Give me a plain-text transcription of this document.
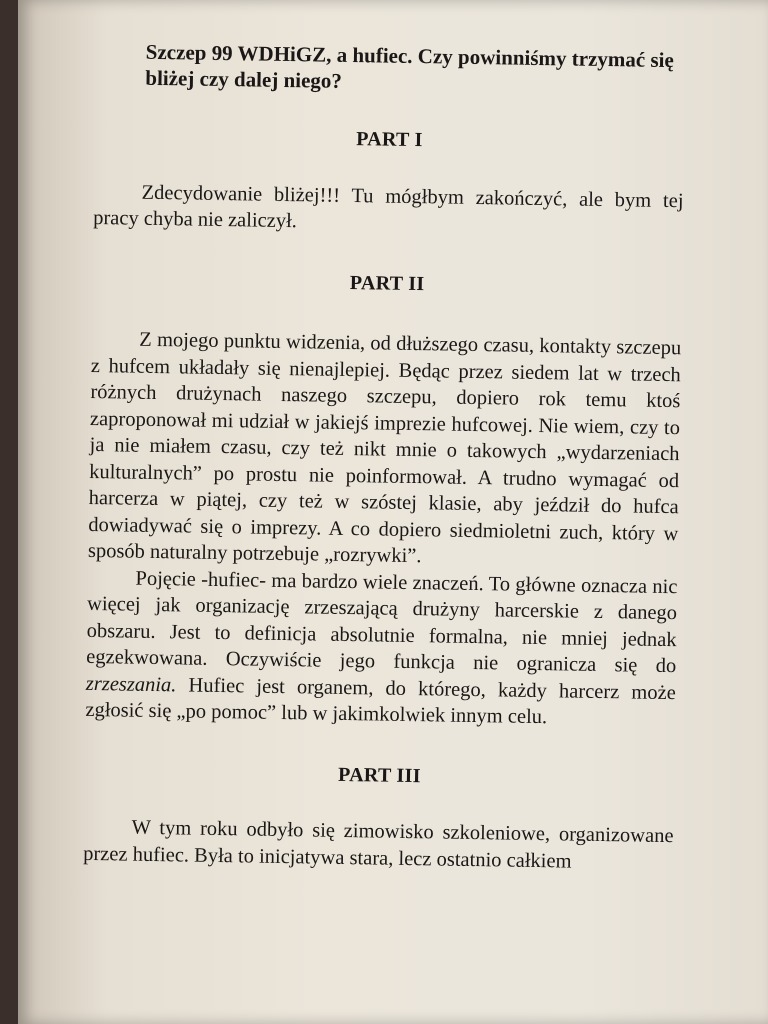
Szczep 99 WDHiGZ, a hufiec. Czy powinniśmy trzymać się bliżej czy dalej niego?
PART I

Zdecydowanie bliżej!!! Tu mógłbym zakończyć, ale bym tej pracy chyba nie zaliczył.

PART II

Z mojego punktu widzenia, od dłuższego czasu, kontakty szczepu z hufcem układały się nienajlepiej. Będąc przez siedem lat w trzech różnych drużynach naszego szczepu, dopiero rok temu ktoś zaproponował mi udział w jakiejś imprezie hufcowej. Nie wiem, czy to ja nie miałem czasu, czy też nikt mnie o takowych „wydarzeniach kulturalnych” po prostu nie poinformował. A trudno wymagać od harcerza w piątej, czy też w szóstej klasie, aby jeździł do hufca dowiadywać się o imprezy. A co dopiero siedmioletni zuch, który w sposób naturalny potrzebuje „rozrywki”.

Pojęcie -hufiec- ma bardzo wiele znaczeń. To główne oznacza nic więcej jak organizację zrzeszającą drużyny harcerskie z danego obszaru. Jest to definicja absolutnie formalna, nie mniej jednak egzekwowana. Oczywiście jego funkcja nie ogranicza się do zrzeszania. Hufiec jest organem, do którego, każdy harcerz może zgłosić się „po pomoc” lub w jakimkolwiek innym celu.

PART III

W tym roku odbyło się zimowisko szkoleniowe, organizowane przez hufiec. Była to inicjatywa stara, lecz ostatnio całkiem
